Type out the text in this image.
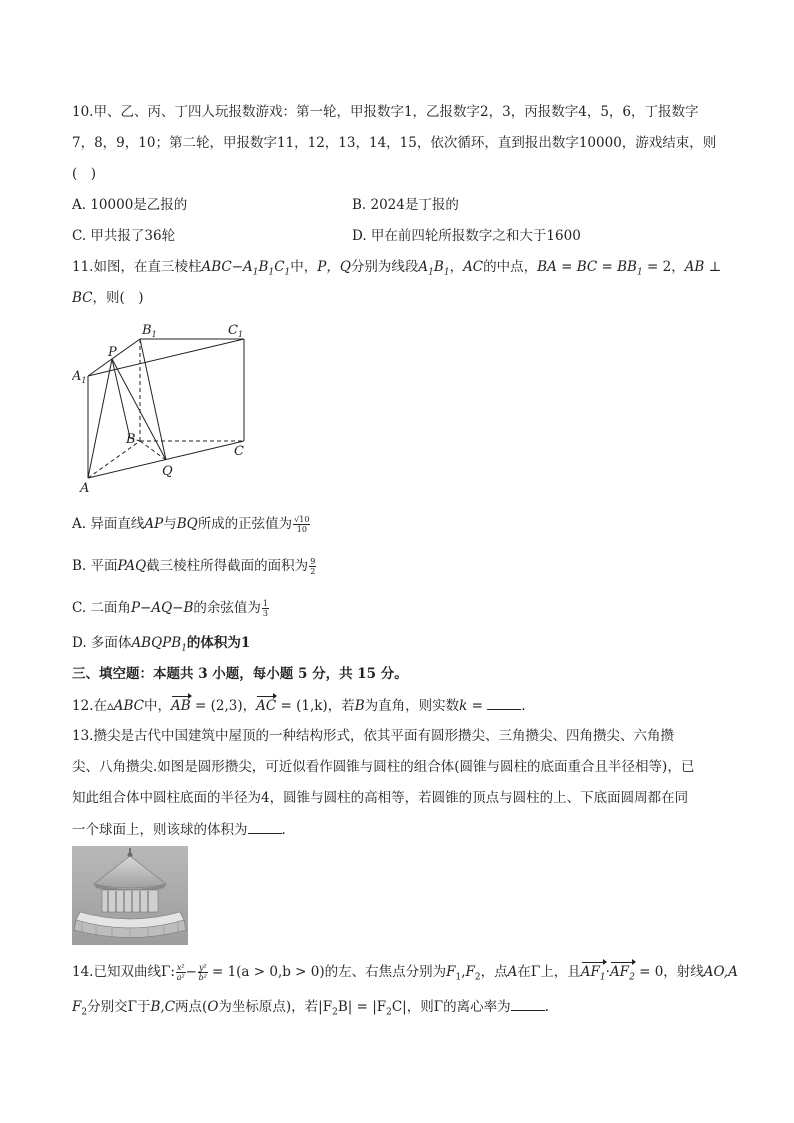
10.甲、乙、丙、丁四人玩报数游戏：第一轮，甲报数字1，乙报数字2，3，丙报数字4，5，6，丁报数字
7，8，9，10；第二轮，甲报数字11，12，13，14，15，依次循环，直到报出数字10000，游戏结束，则
(　)
A. 10000是乙报的	B. 2024是丁报的
C. 甲共报了36轮	D. 甲在前四轮所报数字之和大于1600
11.如图，在直三棱柱$ABC-A_1B_1C_1$中，P，Q分别为线段$A_1B_1$，AC的中点，BA = BC = $BB_1 = 2$，AB ⊥
BC，则(　)
$B_1$	$C_1$
P
$A_1$
B
C
Q
A
A. 异面直线AP与BQ所成的正弦值为 $\frac{√10}{10}$
B. 平面PAQ截三棱柱所得截面的面积为 $\frac{9}{2}$
C. 二面角P−AQ−B的余弦值为 $\frac{1}{3}$
D. 多面体$ABQPB_1$的体积为1
三、填空题：本题共 3 小题，每小题 5 分，共 15 分。
12.在▵ABC中，AB = (2,3)，AC = (1,k)，若B为直角，则实数k =	.
13.攒尖是古代中国建筑中屋顶的一种结构形式，依其平面有圆形攒尖、三角攒尖、四角攒尖、六角攒
尖、八角攒尖.如图是圆形攒尖，可近似看作圆锥与圆柱的组合体(圆锥与圆柱的底面重合且半径相等)，已
知此组合体中圆柱底面的半径为4，圆锥与圆柱的高相等，若圆锥的顶点与圆柱的上、下底面圆周都在同
一个球面上，则该球的体积为	.
14.已知双曲线Γ: $\frac{\text{x²}}{\text{a²}} - \frac{\text{y²}}{\text{b²}} = 1(a > 0,b > 0)$的左、右焦点分别为$F_1,F_2$，点A在Γ上，且$AF_1\cdot AF_2 = 0$，射线AO,A
$F_2$分别交Γ于B,C两点(O为坐标原点)，若$|F_2B| = |F_2C|$，则Γ的离心率为	.
